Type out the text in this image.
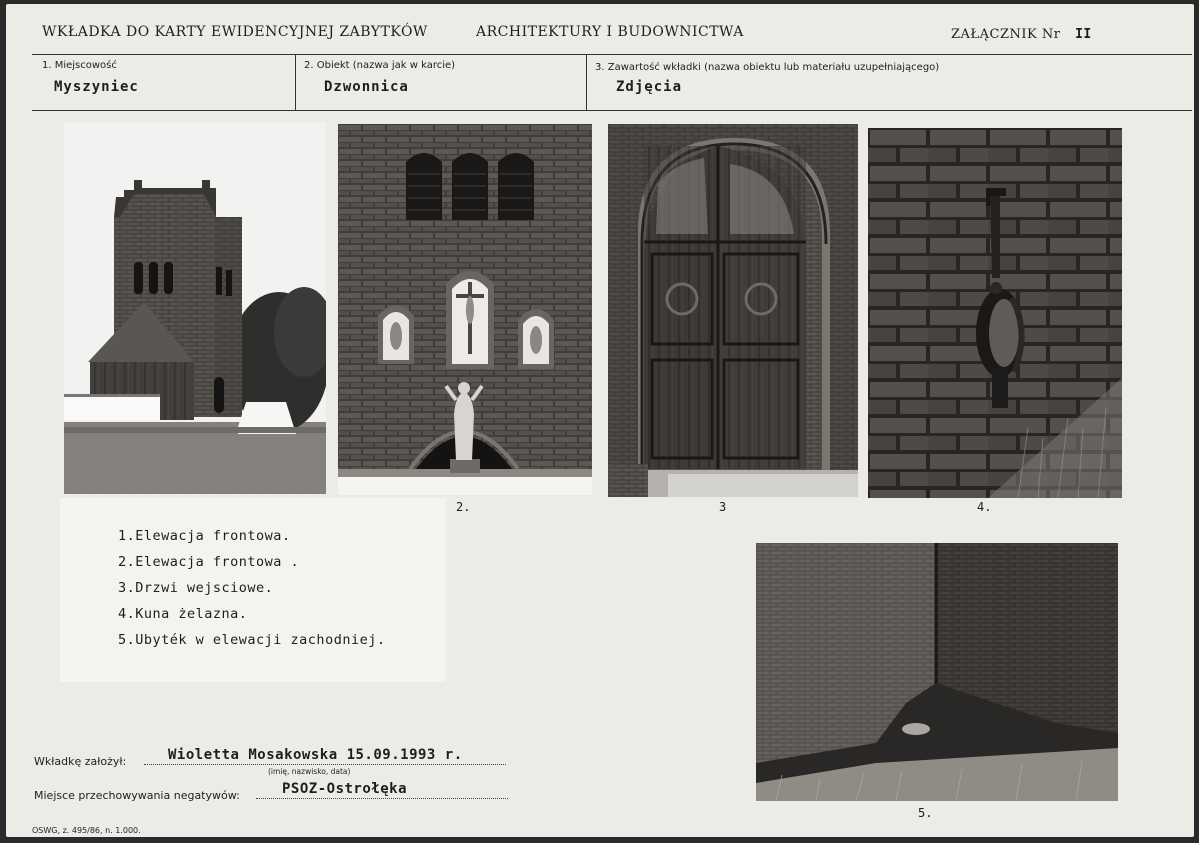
WKŁADKA DO KARTY EWIDENCYJNEJ ZABYTKÓW	ARCHITEKTURY I BUDOWNICTWA	ZAŁĄCZNIK Nr II
1. Miejscowość
Myszyniec
2. Obiekt (nazwa jak w karcie)
Dzwonnica
3. Zawartość wkładki (nazwa obiektu lub materiału uzupełniającego)
Zdjęcia
2.	3	4.
1.Elewacja frontowa.
2.Elewacja frontowa .
3.Drzwi wejsciowe.
4.Kuna żelazna.
5.Ubyték w elewacji zachodniej.
5.
Wkładkę założył:	Wioletta Mosakowska 15.09.1993 r.
(imię, nazwisko, data)
Miejsce przechowywania negatywów:	PSOZ-Ostrołęka
OSWG, z. 495/86, n. 1.000.
